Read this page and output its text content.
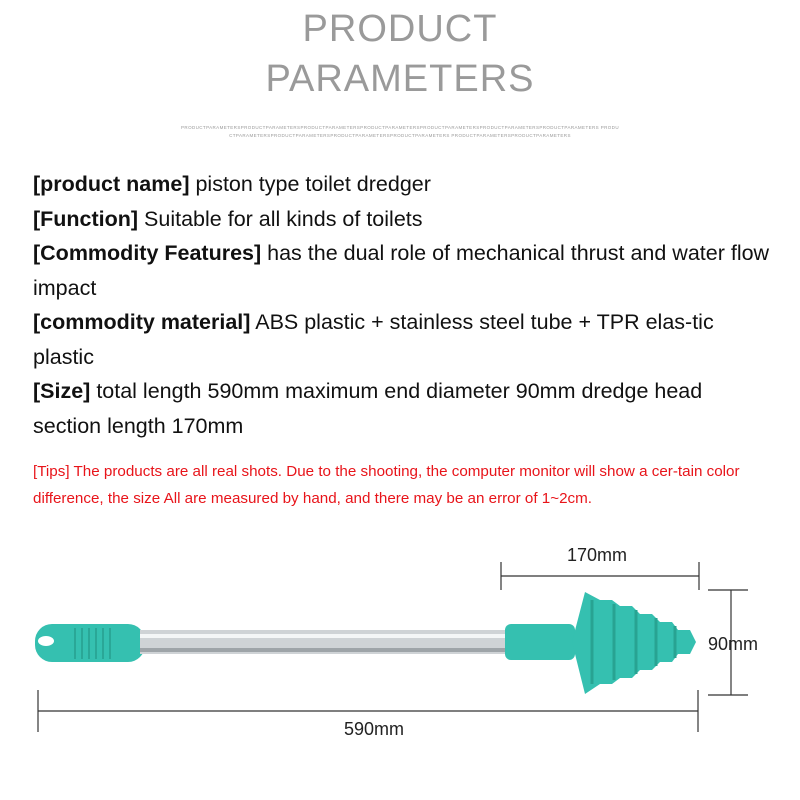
PRODUCT
PARAMETERS
PRODUCTPARAMETERSPRODUCTPARAMETERSPRODUCTPARAMETERSPRODUCTPARAMETERSPRODUCTPARAMETERSPRODUCTPARAMETERSPRODUCTPARAMETERS PRODUCTPARAMETERSPRODUCTPARAMETERSPRODUCTPARAMETERSPRODUCTPARAMETERS PRODUCTPARAMETERSPRODUCTPARAMETERS
[product name] piston type toilet dredger
[Function] Suitable for all kinds of toilets
[Commodity Features] has the dual role of mechanical thrust and water flow impact
[commodity material] ABS plastic + stainless steel tube + TPR elas-tic plastic
[Size] total length 590mm maximum end diameter 90mm dredge head section length 170mm
[Tips] The products are all real shots. Due to the shooting, the computer monitor will show a cer-tain color difference, the size All are measured by hand, and there may be an error of 1~2cm.
170mm
90mm
590mm
